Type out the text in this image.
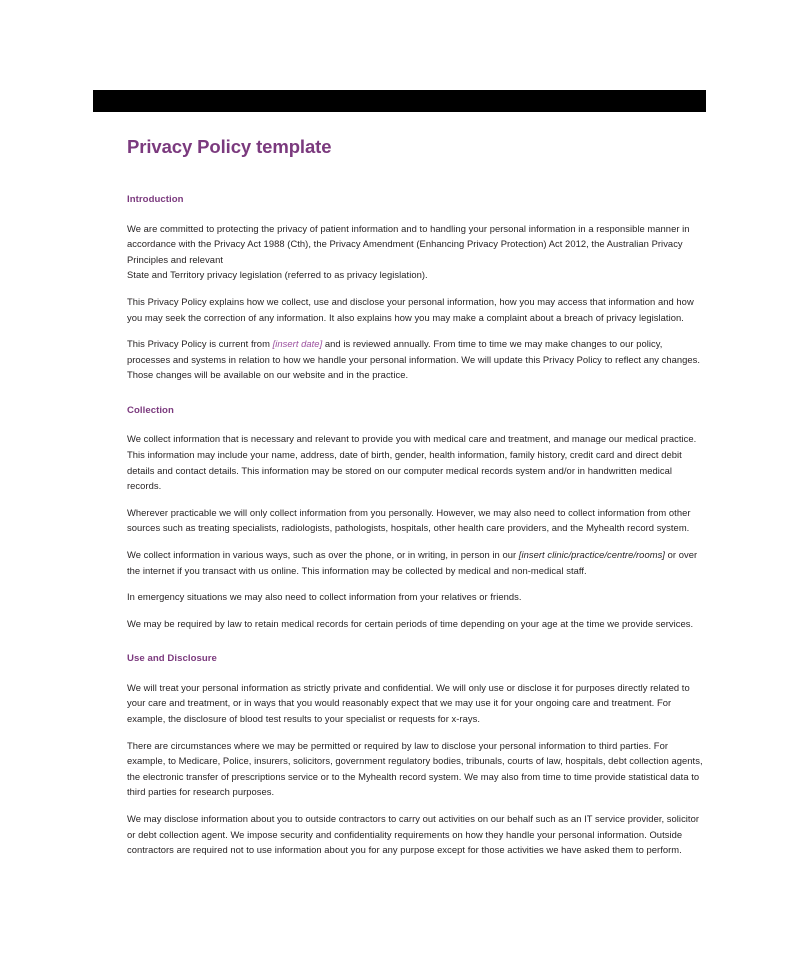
Privacy Policy template
Introduction

We are committed to protecting the privacy of patient information and to handling your personal information in a responsible manner in accordance with the Privacy Act 1988 (Cth), the Privacy Amendment (Enhancing Privacy Protection) Act 2012, the Australian Privacy Principles and relevant
State and Territory privacy legislation (referred to as privacy legislation).

This Privacy Policy explains how we collect, use and disclose your personal information, how you may access that information and how you may seek the correction of any information. It also explains how you may make a complaint about a breach of privacy legislation.

This Privacy Policy is current from [insert date] and is reviewed annually. From time to time we may make changes to our policy, processes and systems in relation to how we handle your personal information. We will update this Privacy Policy to reflect any changes. Those changes will be available on our website and in the practice.

Collection

We collect information that is necessary and relevant to provide you with medical care and treatment, and manage our medical practice. This information may include your name, address, date of birth, gender, health information, family history, credit card and direct debit details and contact details. This information may be stored on our computer medical records system and/or in handwritten medical records.

Wherever practicable we will only collect information from you personally. However, we may also need to collect information from other sources such as treating specialists, radiologists, pathologists, hospitals, other health care providers, and the Myhealth record system.

We collect information in various ways, such as over the phone, or in writing, in person in our [insert clinic/practice/centre/rooms] or over the internet if you transact with us online. This information may be collected by medical and non-medical staff.

In emergency situations we may also need to collect information from your relatives or friends.

We may be required by law to retain medical records for certain periods of time depending on your age at the time we provide services.

Use and Disclosure

We will treat your personal information as strictly private and confidential. We will only use or disclose it for purposes directly related to your care and treatment, or in ways that you would reasonably expect that we may use it for your ongoing care and treatment. For example, the disclosure of blood test results to your specialist or requests for x-rays.

There are circumstances where we may be permitted or required by law to disclose your personal information to third parties. For example, to Medicare, Police, insurers, solicitors, government regulatory bodies, tribunals, courts of law, hospitals, debt collection agents, the electronic transfer of prescriptions service or to the Myhealth record system. We may also from time to time provide statistical data to third parties for research purposes.

We may disclose information about you to outside contractors to carry out activities on our behalf such as an IT service provider, solicitor or debt collection agent. We impose security and confidentiality requirements on how they handle your personal information. Outside contractors are required not to use information about you for any purpose except for those activities we have asked them to perform.
